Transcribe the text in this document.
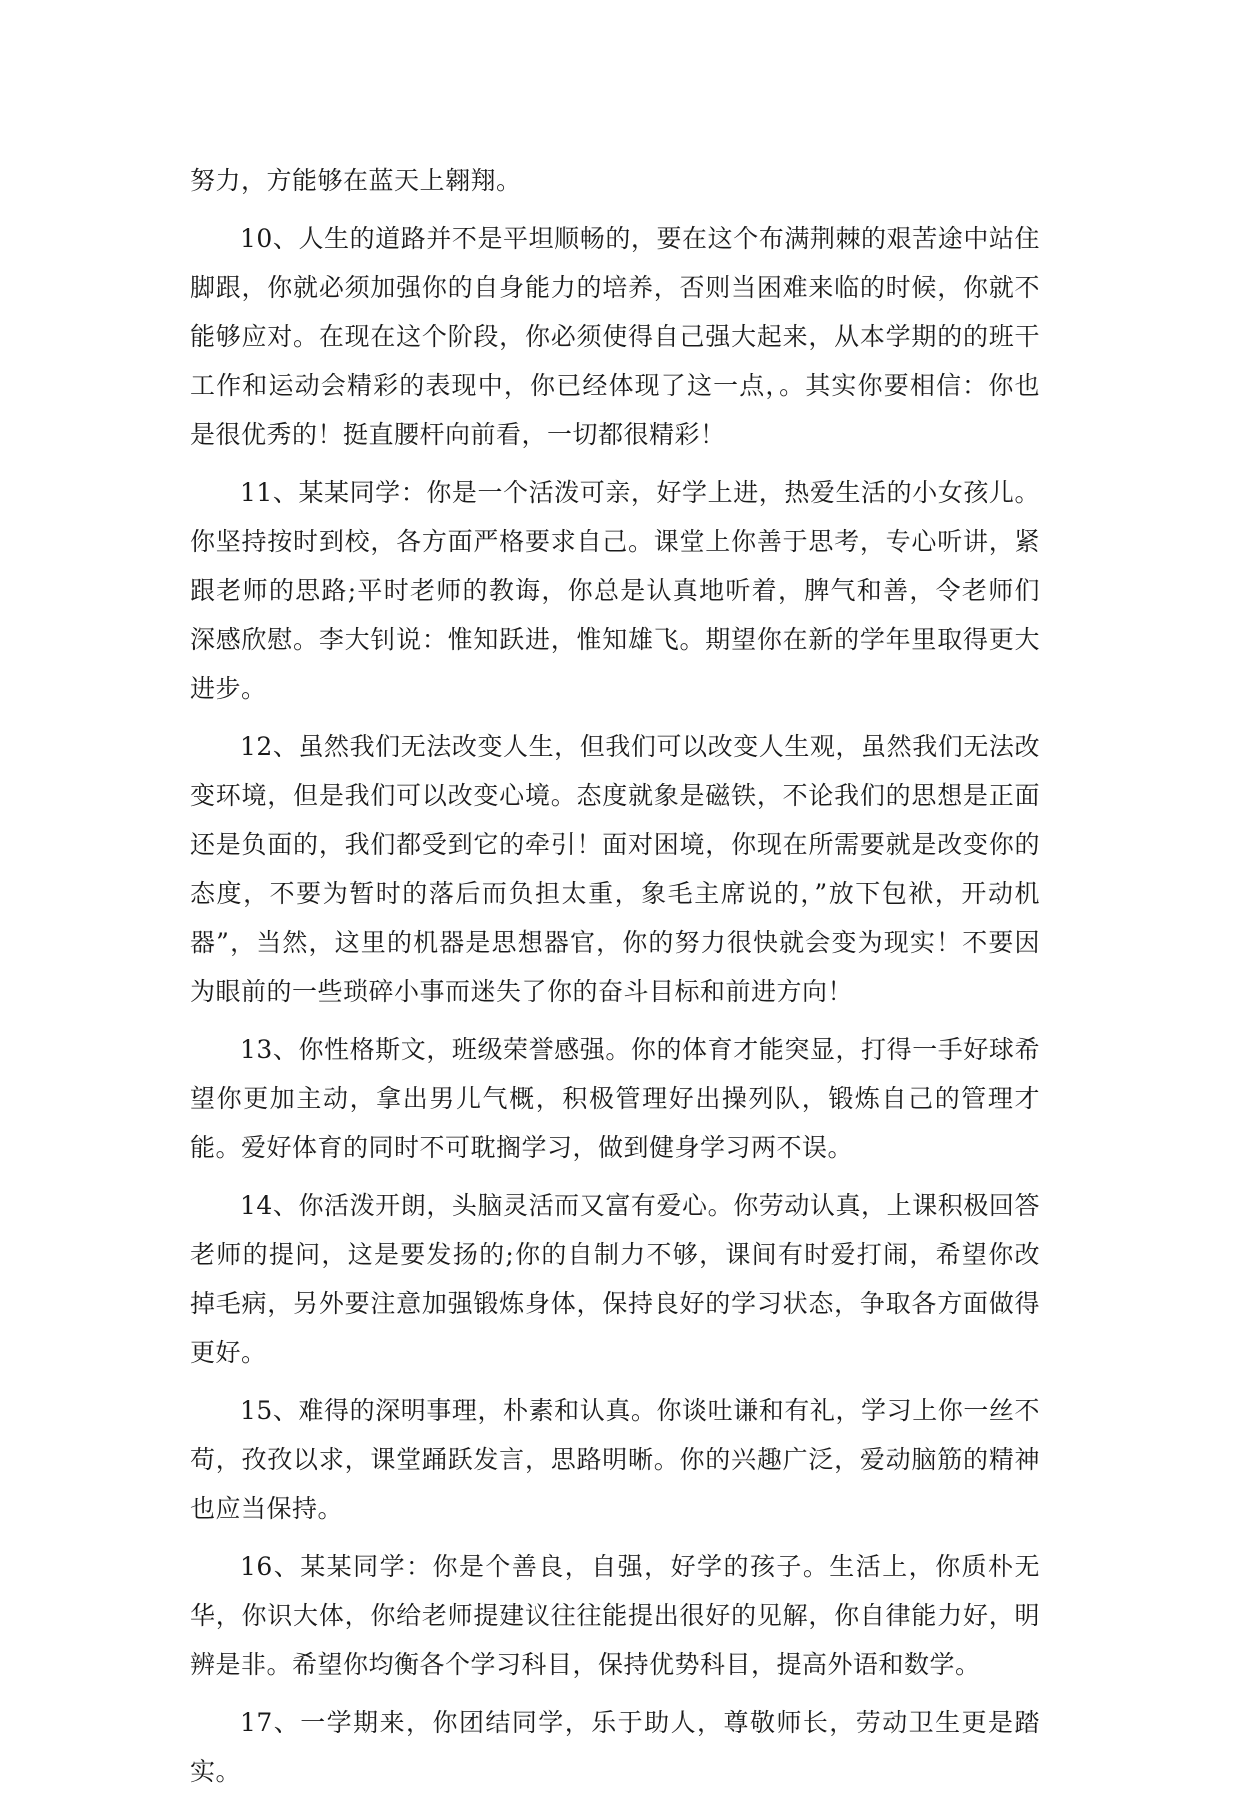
努力，方能够在蓝天上翱翔。

10、人生的道路并不是平坦顺畅的，要在这个布满荆棘的艰苦途中站住脚跟，你就必须加强你的自身能力的培养，否则当困难来临的时候，你就不能够应对。在现在这个阶段，你必须使得自己强大起来，从本学期的的班干工作和运动会精彩的表现中，你已经体现了这一点，。其实你要相信：你也是很优秀的！挺直腰杆向前看，一切都很精彩！

11、某某同学：你是一个活泼可亲，好学上进，热爱生活的小女孩儿。你坚持按时到校，各方面严格要求自己。课堂上你善于思考，专心听讲，紧跟老师的思路;平时老师的教诲，你总是认真地听着，脾气和善，令老师们深感欣慰。李大钊说：惟知跃进，惟知雄飞。期望你在新的学年里取得更大进步。

12、虽然我们无法改变人生，但我们可以改变人生观，虽然我们无法改变环境，但是我们可以改变心境。态度就象是磁铁，不论我们的思想是正面还是负面的，我们都受到它的牵引！面对困境，你现在所需要就是改变你的态度，不要为暂时的落后而负担太重，象毛主席说的，”放下包袱，开动机器”，当然，这里的机器是思想器官，你的努力很快就会变为现实！不要因为眼前的一些琐碎小事而迷失了你的奋斗目标和前进方向！

13、你性格斯文，班级荣誉感强。你的体育才能突显，打得一手好球希望你更加主动，拿出男儿气概，积极管理好出操列队，锻炼自己的管理才能。爱好体育的同时不可耽搁学习，做到健身学习两不误。

14、你活泼开朗，头脑灵活而又富有爱心。你劳动认真，上课积极回答老师的提问，这是要发扬的;你的自制力不够，课间有时爱打闹，希望你改掉毛病，另外要注意加强锻炼身体，保持良好的学习状态，争取各方面做得更好。

15、难得的深明事理，朴素和认真。你谈吐谦和有礼，学习上你一丝不苟，孜孜以求，课堂踊跃发言，思路明晰。你的兴趣广泛，爱动脑筋的精神也应当保持。

16、某某同学：你是个善良，自强，好学的孩子。生活上，你质朴无华，你识大体，你给老师提建议往往能提出很好的见解，你自律能力好，明辨是非。希望你均衡各个学习科目，保持优势科目，提高外语和数学。

17、一学期来，你团结同学，乐于助人，尊敬师长，劳动卫生更是踏实。
